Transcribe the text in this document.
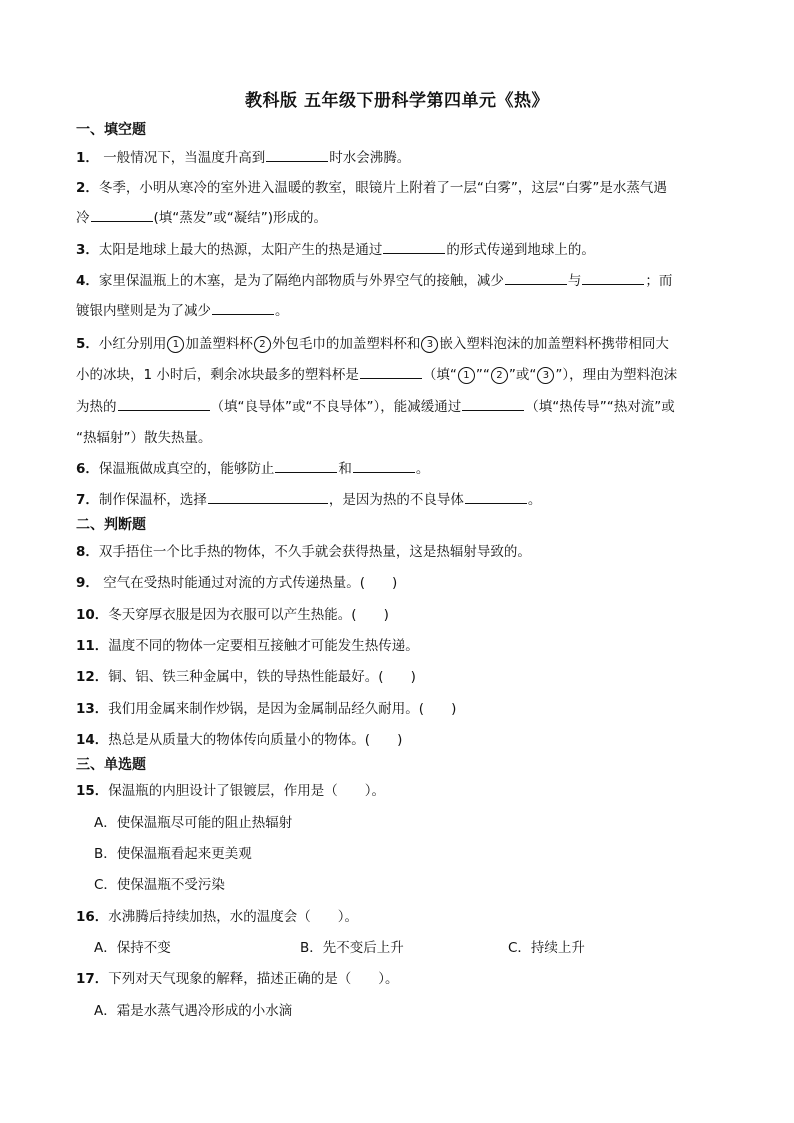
教科版 五年级下册科学第四单元《热》
一、填空题
1． 一般情况下，当温度升高到	时水会沸腾。
2．冬季，小明从寒冷的室外进入温暖的教室，眼镜片上附着了一层“白雾”，这层“白雾”是水蒸气遇
冷	(填“蒸发”或“凝结”)形成的。
3．太阳是地球上最大的热源，太阳产生的热是通过	的形式传递到地球上的。
4．家里保温瓶上的木塞，是为了隔绝内部物质与外界空气的接触，减少	与	；而
镀银内壁则是为了减少	。
5．小红分别用 1 加盖塑料杯 2 外包毛巾的加盖塑料杯和 3 嵌入塑料泡沫的加盖塑料杯携带相同大
小的冰块，1 小时后，剩余冰块最多的塑料杯是	（填“ 1 ”“ 2 ”或“ 3 ”），理由为塑料泡沫
为热的	（填“良导体”或“不良导体”），能减缓通过	（填“热传导”“热对流”或
“热辐射”）散失热量。
6．保温瓶做成真空的，能够防止	和	。
7．制作保温杯，选择	，是因为热的不良导体	。
二、判断题
8．双手捂住一个比手热的物体，不久手就会获得热量，这是热辐射导致的。
9． 空气在受热时能通过对流的方式传递热量。(　　)
10．冬天穿厚衣服是因为衣服可以产生热能。(　　)
11．温度不同的物体一定要相互接触才可能发生热传递。
12．铜、铝、铁三种金属中，铁的导热性能最好。(　　)
13．我们用金属来制作炒锅，是因为金属制品经久耐用。(　　)
14．热总是从质量大的物体传向质量小的物体。(　　)
三、单选题
15．保温瓶的内胆设计了银镀层，作用是（　　）。
A．使保温瓶尽可能的阻止热辐射
B．使保温瓶看起来更美观
C．使保温瓶不受污染
16．水沸腾后持续加热，水的温度会（　　）。
A．保持不变	B．先不变后上升	C．持续上升
17．下列对天气现象的解释，描述正确的是（　　）。
A．霜是水蒸气遇冷形成的小水滴
